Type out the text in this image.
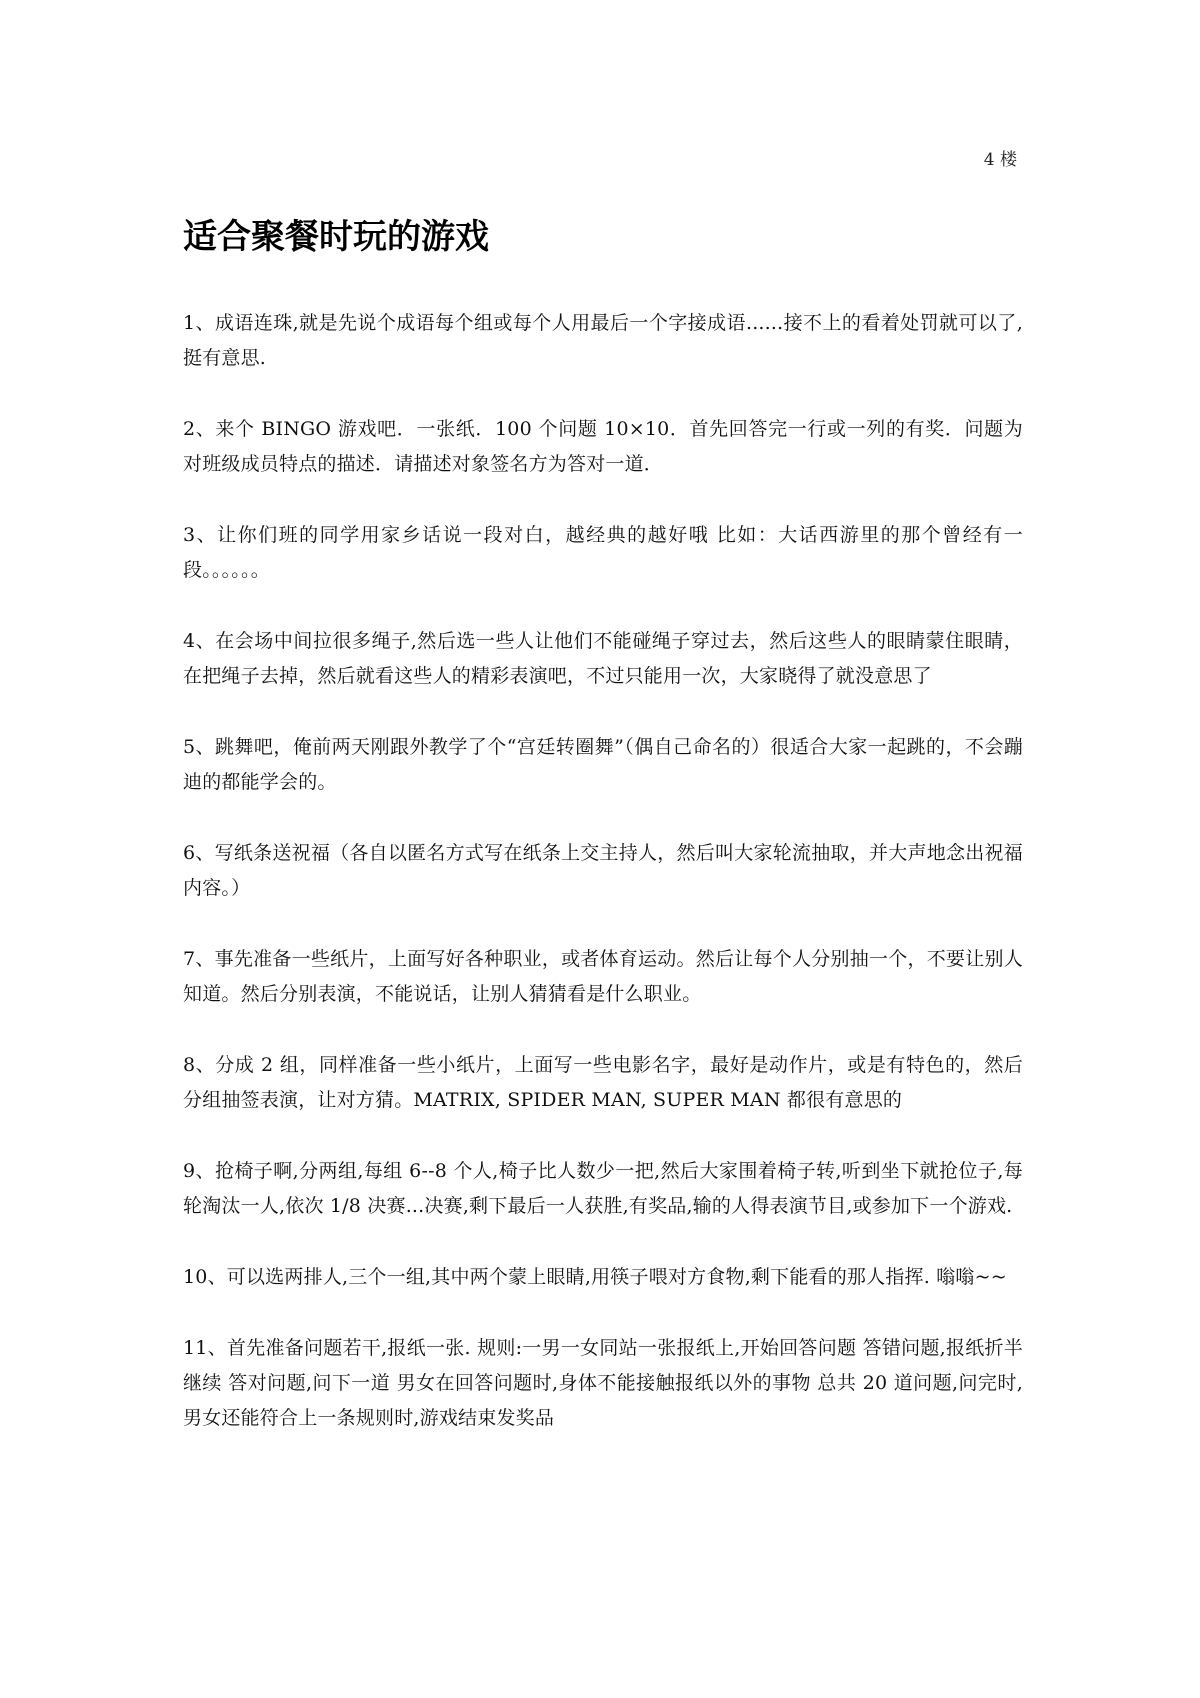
4 楼
适合聚餐时玩的游戏

1、成语连珠,就是先说个成语每个组或每个人用最后一个字接成语......接不上的看着处罚就可以了,挺有意思.

2、来个 BINGO 游戏吧．一张纸．100 个问题 10×10．首先回答完一行或一列的有奖．问题为对班级成员特点的描述．请描述对象签名方为答对一道．

3、让你们班的同学用家乡话说一段对白，越经典的越好哦 比如：大话西游里的那个曾经有一段。。。。。。

4、在会场中间拉很多绳子,然后选一些人让他们不能碰绳子穿过去，然后这些人的眼睛蒙住眼睛，在把绳子去掉，然后就看这些人的精彩表演吧，不过只能用一次，大家晓得了就没意思了

5、跳舞吧，俺前两天刚跟外教学了个“宫廷转圈舞”（偶自己命名的）很适合大家一起跳的，不会蹦迪的都能学会的。

6、写纸条送祝福（各自以匿名方式写在纸条上交主持人，然后叫大家轮流抽取，并大声地念出祝福内容。）

7、事先准备一些纸片，上面写好各种职业，或者体育运动。然后让每个人分别抽一个，不要让别人知道。然后分别表演，不能说话，让别人猜猜看是什么职业。

8、分成 2 组，同样准备一些小纸片，上面写一些电影名字，最好是动作片，或是有特色的，然后分组抽签表演，让对方猜。MATRIX, SPIDER MAN, SUPER MAN 都很有意思的

9、抢椅子啊,分两组,每组 6--8 个人,椅子比人数少一把,然后大家围着椅子转,听到坐下就抢位子,每轮淘汰一人,依次 1/8 决赛...决赛,剩下最后一人获胜,有奖品,输的人得表演节目,或参加下一个游戏.

10、可以选两排人,三个一组,其中两个蒙上眼睛,用筷子喂对方食物,剩下能看的那人指挥. 嗡嗡~~

11、首先准备问题若干,报纸一张. 规则:一男一女同站一张报纸上,开始回答问题 答错问题,报纸折半继续 答对问题,问下一道 男女在回答问题时,身体不能接触报纸以外的事物 总共 20 道问题,问完时,男女还能符合上一条规则时,游戏结束发奖品
